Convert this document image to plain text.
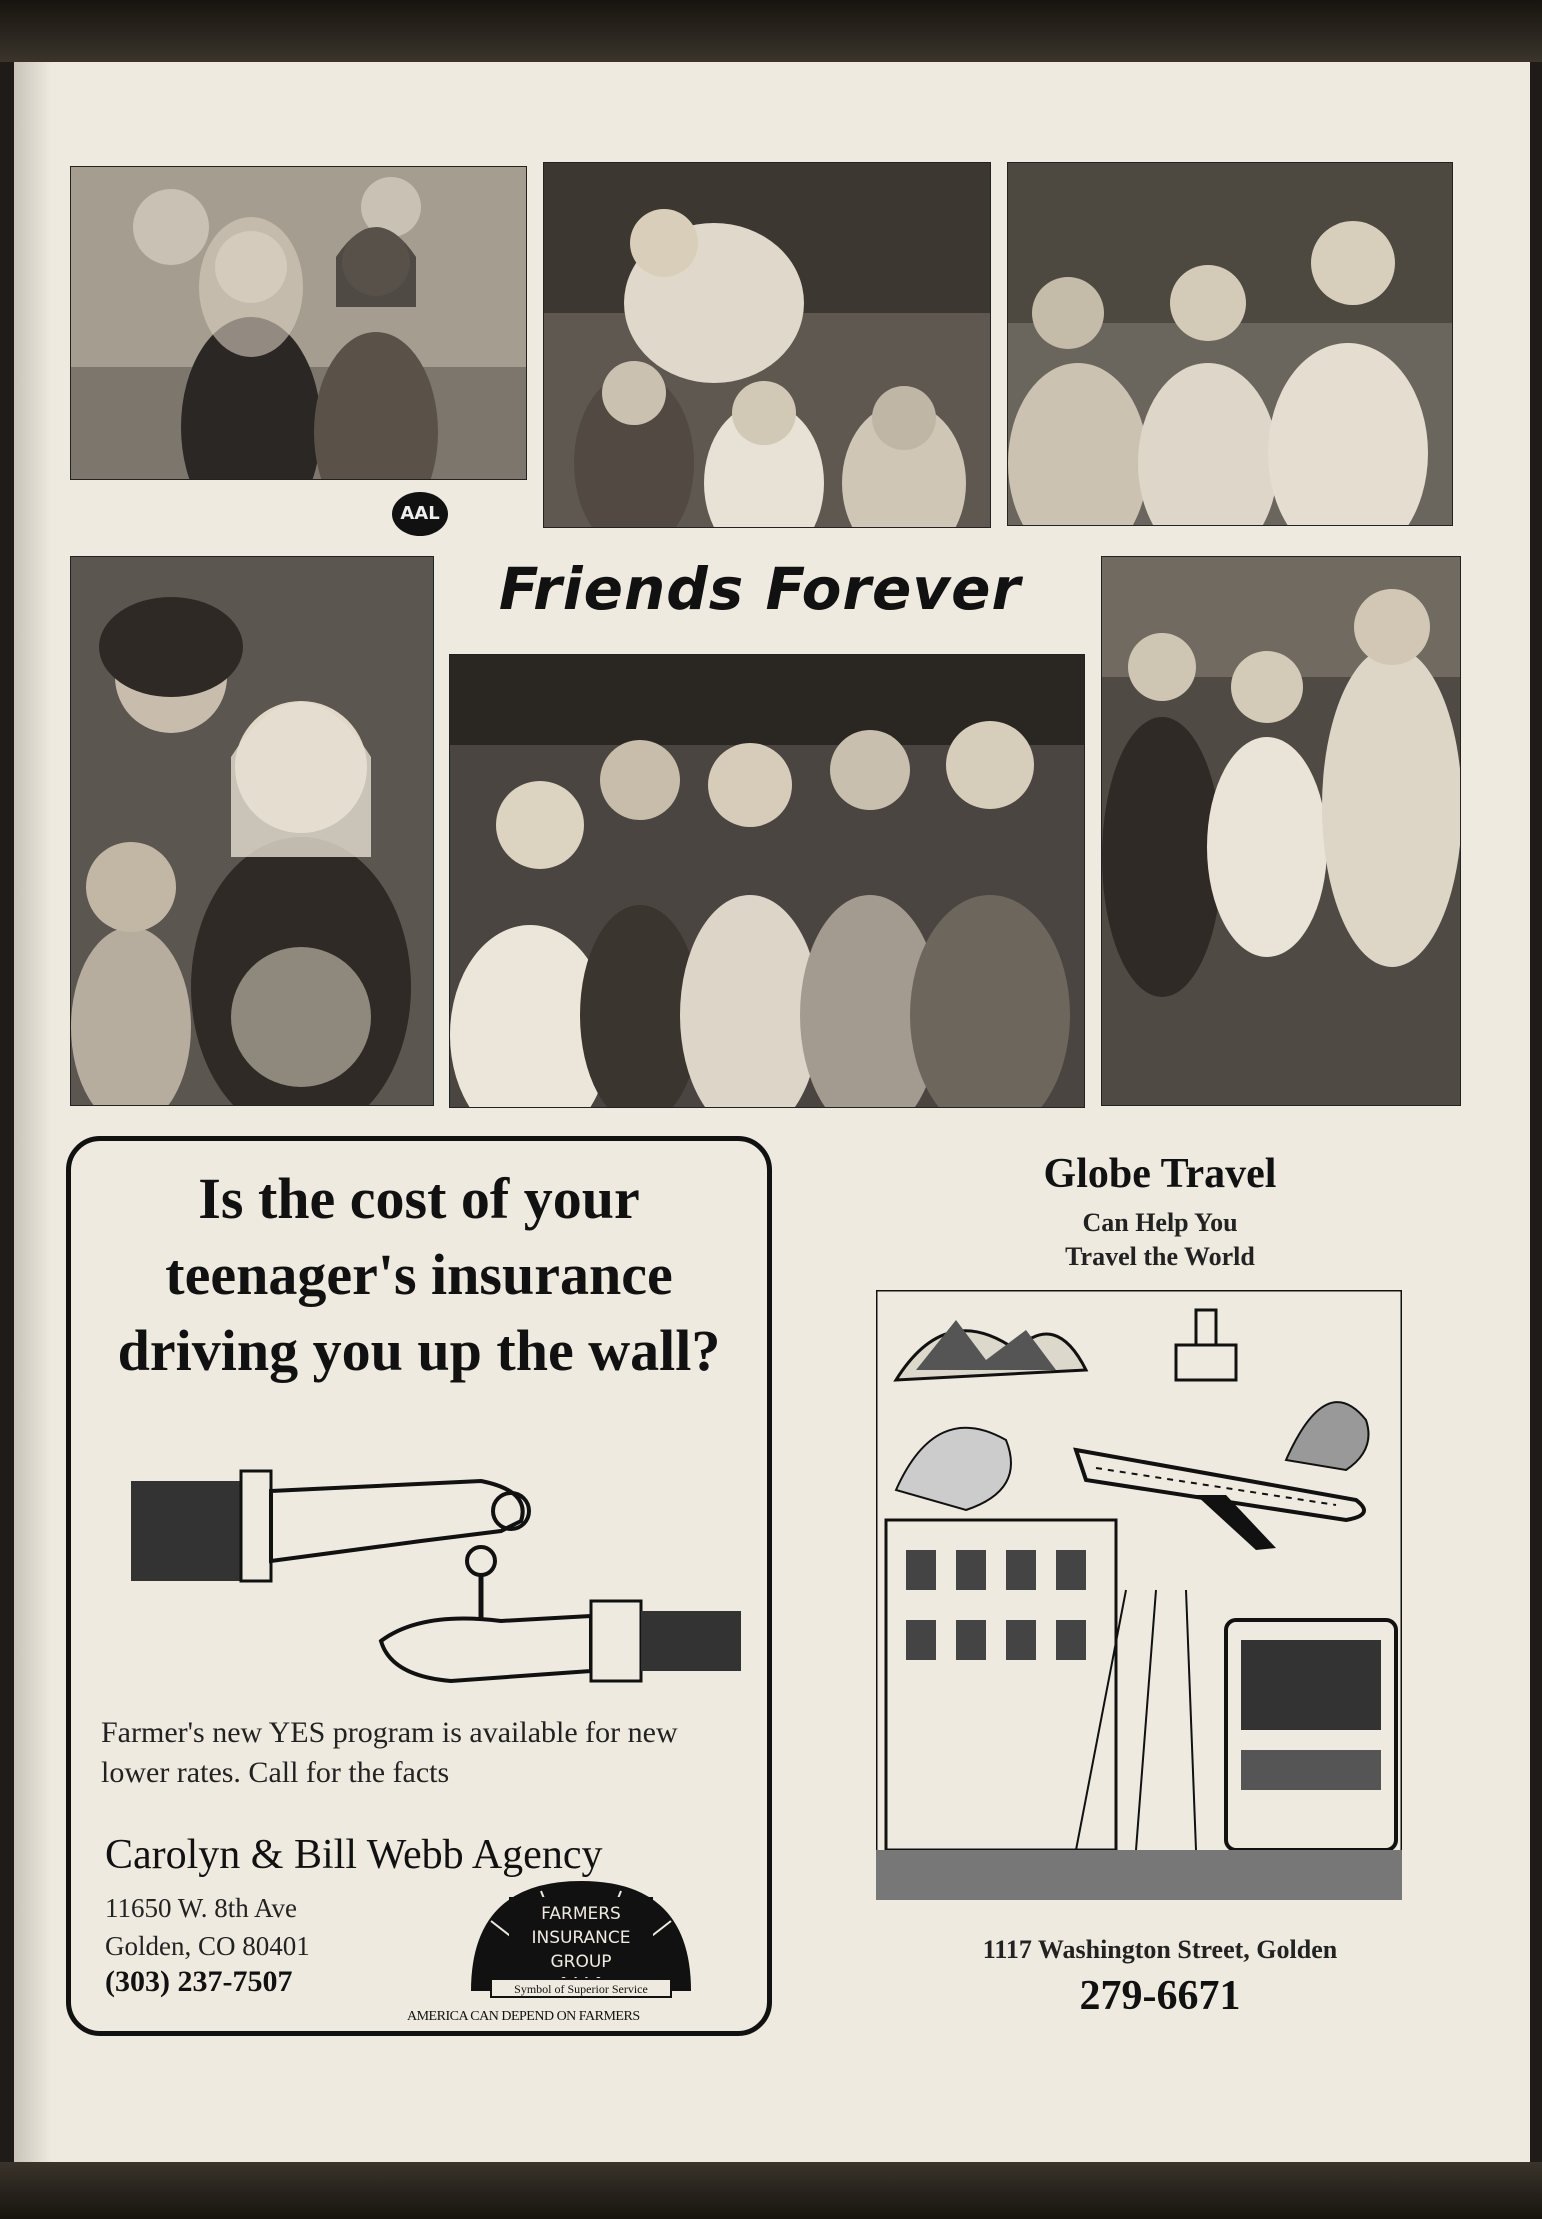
AAL
Friends Forever
Is the cost of your teenager's insurance driving you up the wall?
Farmer's new YES program is available for new lower rates. Call for the facts
Carolyn & Bill Webb Agency
11650 W. 8th Ave
Golden, CO 80401
(303) 237-7507
FARMERS
INSURANCE
GROUP
Symbol of Superior Service
AMERICA CAN DEPEND ON FARMERS
Globe Travel
Can Help You
Travel the World
1117 Washington Street, Golden
279-6671
